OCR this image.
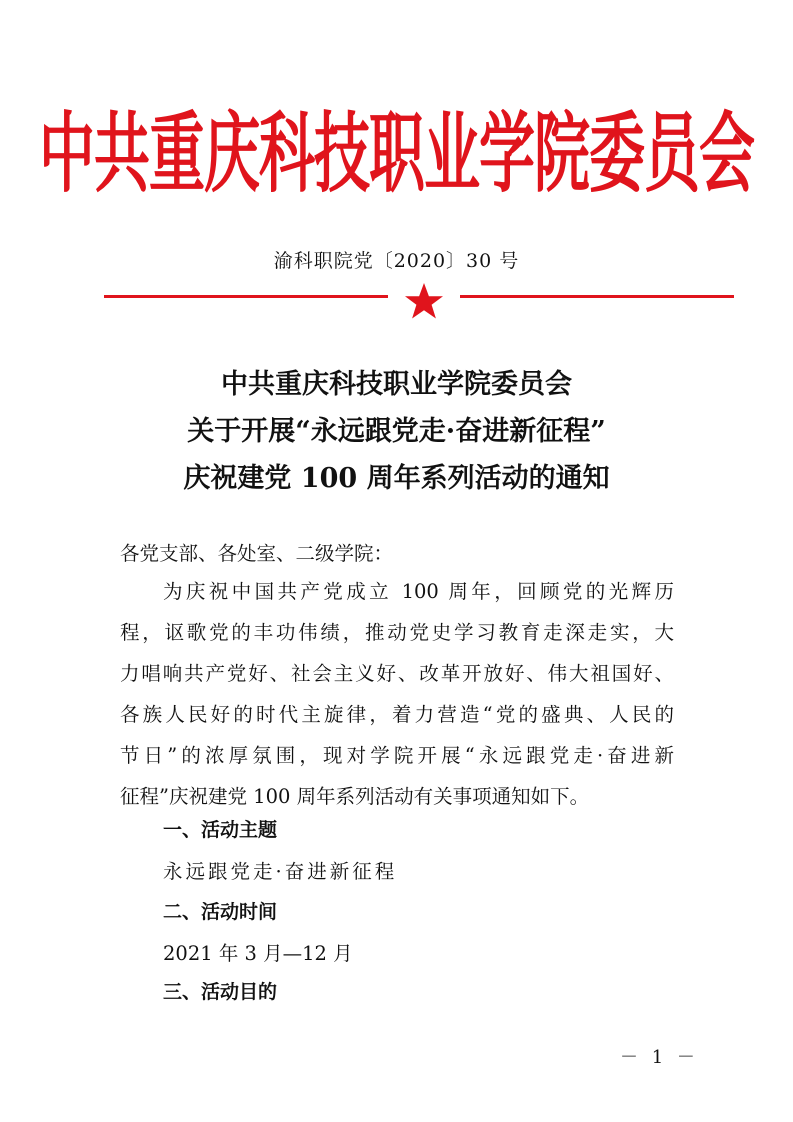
中共重庆科技职业学院委员会
渝科职院党〔2020〕30 号
中共重庆科技职业学院委员会
关于开展“永远跟党走·奋进新征程”
庆祝建党 100 周年系列活动的通知
各党支部、各处室、二级学院：
为庆祝中国共产党成立 100 周年，回顾党的光辉历
程，讴歌党的丰功伟绩，推动党史学习教育走深走实，大
力唱响共产党好、社会主义好、改革开放好、伟大祖国好、
各族人民好的时代主旋律，着力营造“党的盛典、人民的
节日”的浓厚氛围，现对学院开展“永远跟党走·奋进新
征程”庆祝建党 100 周年系列活动有关事项通知如下。
一、活动主题
永远跟党走·奋进新征程
二、活动时间
2021 年 3 月—12 月
三、活动目的
－ 1 －
